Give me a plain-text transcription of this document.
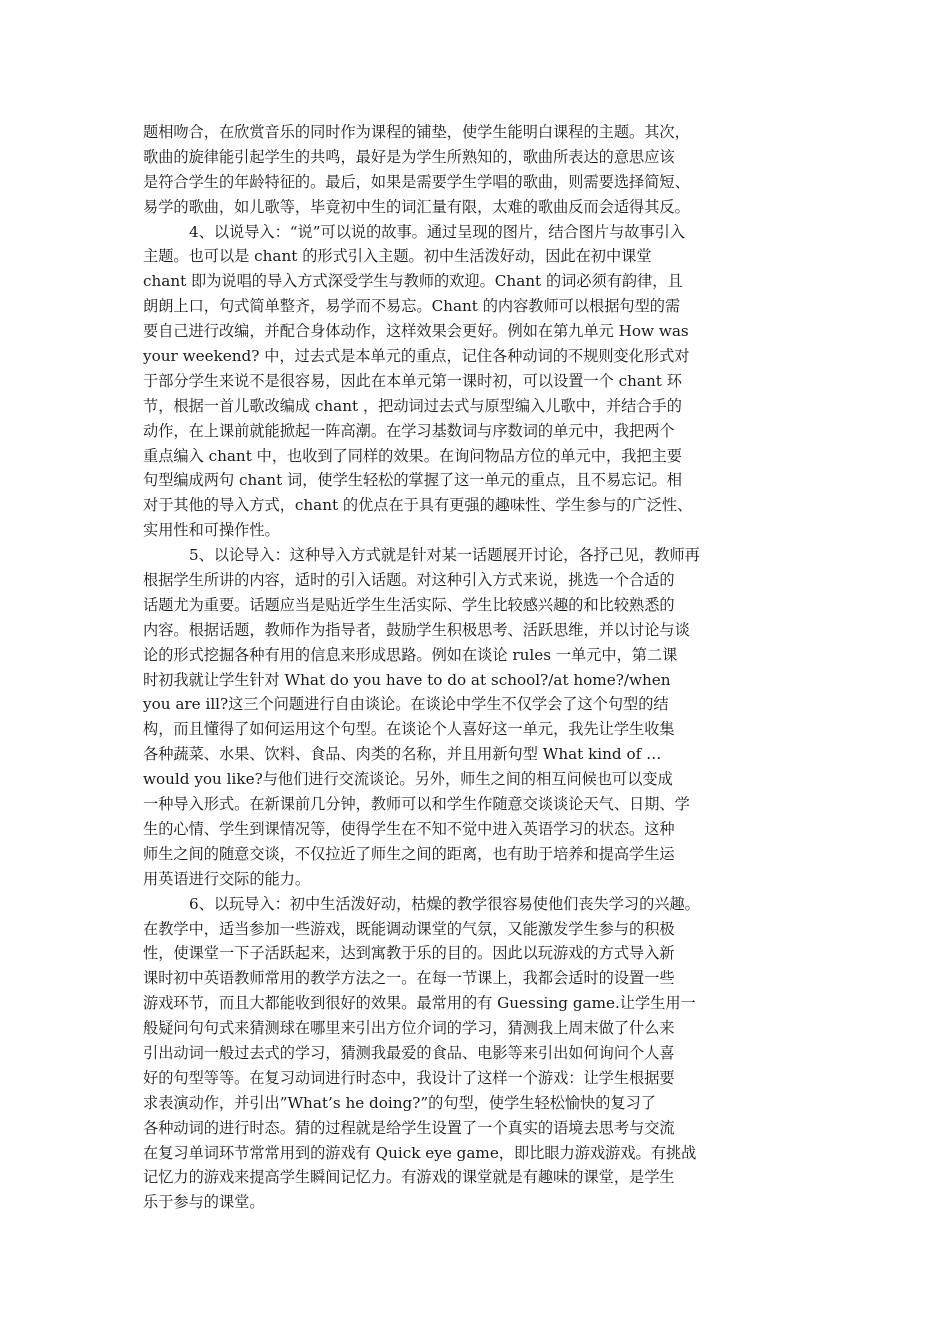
题相吻合，在欣赏音乐的同时作为课程的铺垫，使学生能明白课程的主题。其次，
歌曲的旋律能引起学生的共鸣，最好是为学生所熟知的，歌曲所表达的意思应该
是符合学生的年龄特征的。最后，如果是需要学生学唱的歌曲，则需要选择简短、
易学的歌曲，如儿歌等，毕竟初中生的词汇量有限，太难的歌曲反而会适得其反。
4、以说导入：“说”可以说的故事。通过呈现的图片，结合图片与故事引入
主题。也可以是 chant 的形式引入主题。初中生活泼好动，因此在初中课堂
chant 即为说唱的导入方式深受学生与教师的欢迎。Chant 的词必须有韵律，且
朗朗上口，句式简单整齐，易学而不易忘。Chant 的内容教师可以根据句型的需
要自己进行改编，并配合身体动作，这样效果会更好。例如在第九单元 How was
your weekend? 中，过去式是本单元的重点，记住各种动词的不规则变化形式对
于部分学生来说不是很容易，因此在本单元第一课时初，可以设置一个 chant 环
节，根据一首儿歌改编成 chant ，把动词过去式与原型编入儿歌中，并结合手的
动作，在上课前就能掀起一阵高潮。在学习基数词与序数词的单元中，我把两个
重点编入 chant 中，也收到了同样的效果。在询问物品方位的单元中，我把主要
句型编成两句 chant 词，使学生轻松的掌握了这一单元的重点，且不易忘记。相
对于其他的导入方式，chant 的优点在于具有更强的趣味性、学生参与的广泛性、
实用性和可操作性。
5、以论导入：这种导入方式就是针对某一话题展开讨论，各抒己见，教师再
根据学生所讲的内容，适时的引入话题。对这种引入方式来说，挑选一个合适的
话题尤为重要。话题应当是贴近学生生活实际、学生比较感兴趣的和比较熟悉的
内容。根据话题，教师作为指导者，鼓励学生积极思考、活跃思维，并以讨论与谈
论的形式挖掘各种有用的信息来形成思路。例如在谈论 rules 一单元中，第二课
时初我就让学生针对 What do you have to do at school?/at home?/when
you are ill?这三个问题进行自由谈论。在谈论中学生不仅学会了这个句型的结
构，而且懂得了如何运用这个句型。在谈论个人喜好这一单元，我先让学生收集
各种蔬菜、水果、饮料、食品、肉类的名称，并且用新句型 What kind of …
would you like?与他们进行交流谈论。另外，师生之间的相互问候也可以变成
一种导入形式。在新课前几分钟，教师可以和学生作随意交谈谈论天气、日期、学
生的心情、学生到课情况等，使得学生在不知不觉中进入英语学习的状态。这种
师生之间的随意交谈，不仅拉近了师生之间的距离，也有助于培养和提高学生运
用英语进行交际的能力。
6、以玩导入：初中生活泼好动，枯燥的教学很容易使他们丧失学习的兴趣。
在教学中，适当参加一些游戏，既能调动课堂的气氛，又能激发学生参与的积极
性，使课堂一下子活跃起来，达到寓教于乐的目的。因此以玩游戏的方式导入新
课时初中英语教师常用的教学方法之一。在每一节课上，我都会适时的设置一些
游戏环节，而且大都能收到很好的效果。最常用的有 Guessing game.让学生用一
般疑问句句式来猜测球在哪里来引出方位介词的学习，猜测我上周末做了什么来
引出动词一般过去式的学习，猜测我最爱的食品、电影等来引出如何询问个人喜
好的句型等等。在复习动词进行时态中，我设计了这样一个游戏：让学生根据要
求表演动作，并引出”What’s he doing?”的句型，使学生轻松愉快的复习了
各种动词的进行时态。猜的过程就是给学生设置了一个真实的语境去思考与交流
在复习单词环节常常用到的游戏有 Quick eye game，即比眼力游戏游戏。有挑战
记忆力的游戏来提高学生瞬间记忆力。有游戏的课堂就是有趣味的课堂，是学生
乐于参与的课堂。
